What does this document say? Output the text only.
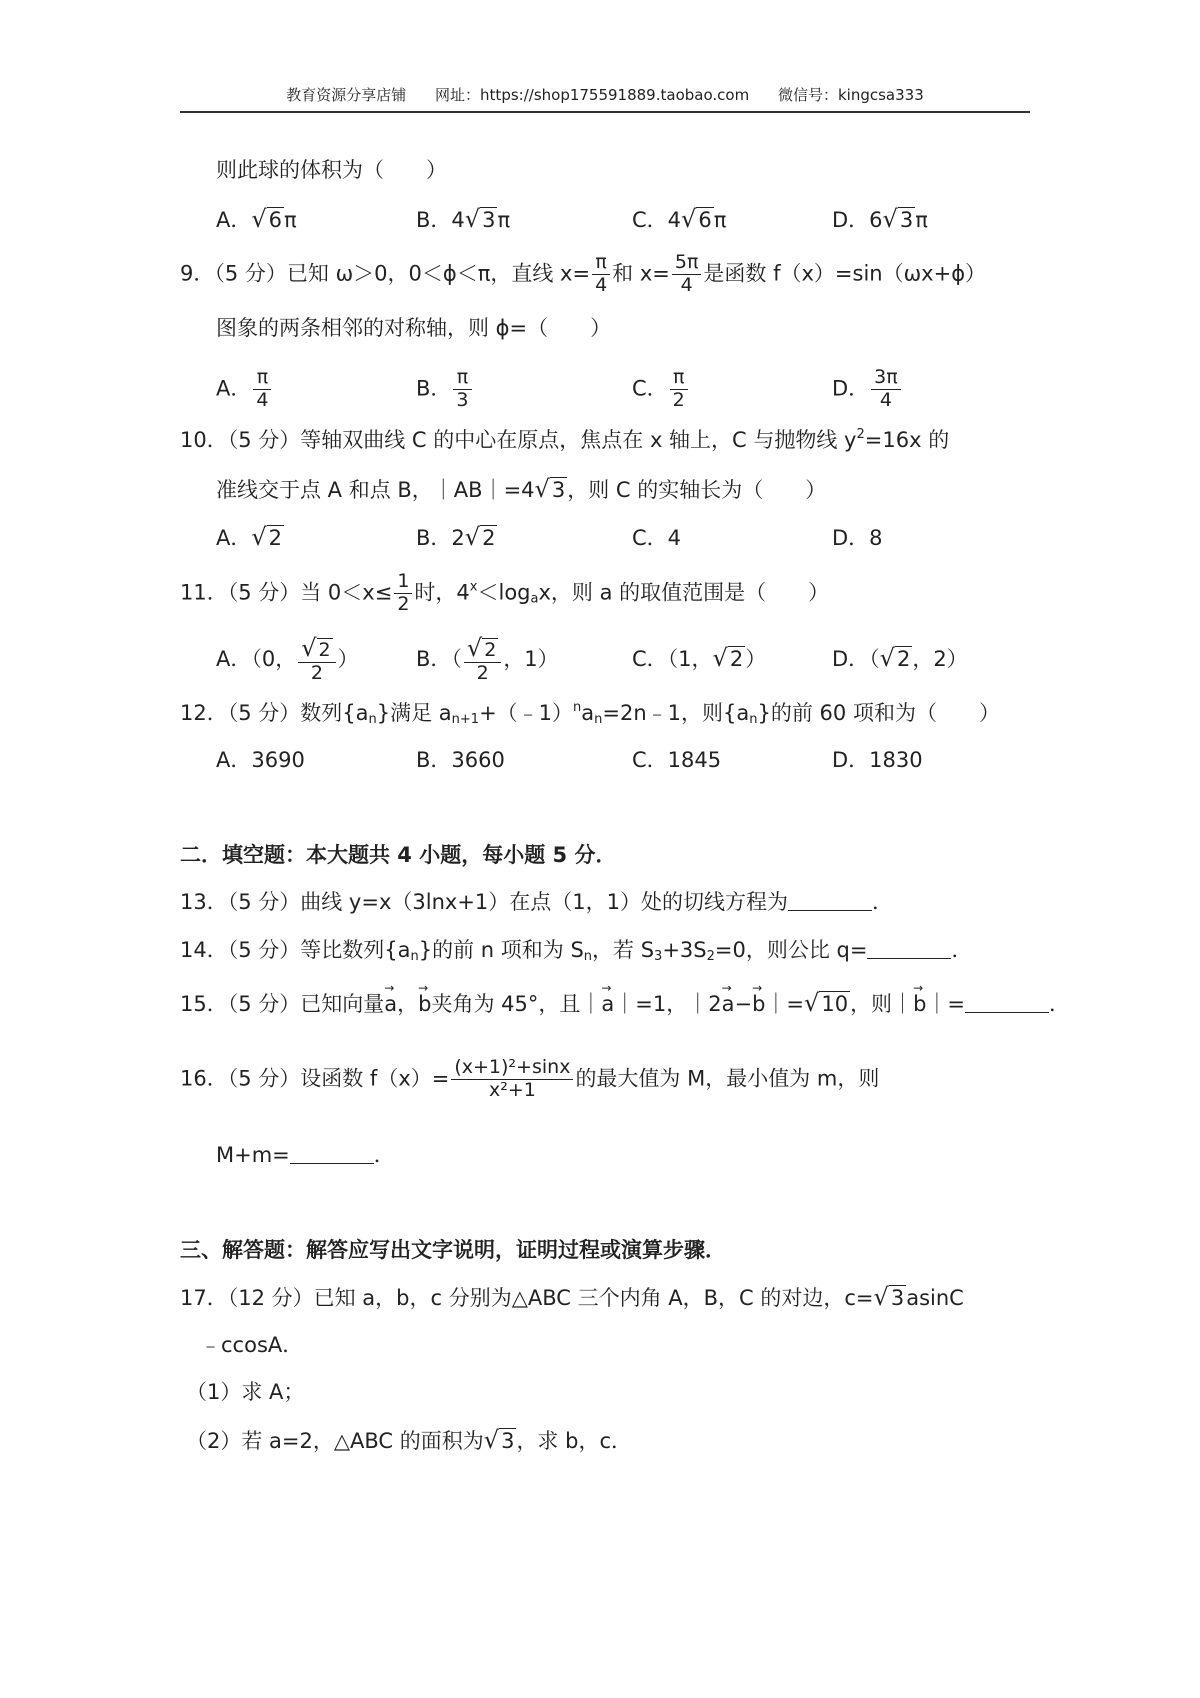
教育资源分享店铺 网址：https://shop175591889.taobao.com 微信号：kingcsa333
则此球的体积为（　　）
A．√6π	B．4√3π	C．4√6π	D．6√3π
9．（5 分）已知 ω＞0，0＜ϕ＜π，直线 $x= \frac{\pi}{4}$ 和 $x= \frac{5\pi}{4}$ 是函数 f（x）=sin（ωx+ϕ）
图象的两条相邻的对称轴，则 ϕ=（　　）
A． $\frac{\pi}{4}$	B． $\frac{\pi}{3}$	C． $\frac{\pi}{2}$	D． $\frac{3\pi}{4}$
10．（5 分）等轴双曲线 C 的中心在原点，焦点在 x 轴上，C 与抛物线 $y^2=16x$ 的
准线交于点 A 和点 B，｜AB｜=4√3，则 C 的实轴长为（　　）
A．√2	B．2√2	C．4	D．8
11．（5 分）当 $0<x\le \frac{1}{2}$ 时，$4^x<\log_ax$，则 a 的取值范围是（　　）
A．（0， $\frac{√ 2}{2}$ ）	B．（ $\frac{√ 2}{2}$ ，1）	C．（1，√2）	D．（√2，2）
12．（5 分）数列$\{a_n\}$满足 $a_{n+1}+(﹣1)^na_n=2n﹣1$，则$\{a_n\}$的前 60 项和为（　　）
A．3690	B．3660	C．1845	D．1830
二．填空题：本大题共 4 小题，每小题 5 分．
13．（5 分）曲线 y=x（3lnx+1）在点（1，1）处的切线方程为	．
14．（5 分）等比数列$\{a_n\}$的前 n 项和为 $S_n$，若 $S_3+3S_2=0$，则公比 q=	．
15．（5 分）已知向量→ a，→ b夹角为 45°，且｜→ a｜=1，｜2→ a−→ b｜=√10，则｜→ b｜=	．
16．（5 分）设函数 $f(x)= \frac{\text{(x+1)²+sinx}}{\text{x²+1}}$ 的最大值为 M，最小值为 m，则
M+m=	．
三、解答题：解答应写出文字说明，证明过程或演算步骤．
17．（12 分）已知 a，b，c 分别为△ABC 三个内角 A，B，C 的对边，c=√3asinC
﹣ccosA．
（1）求 A；
（2）若 a=2，△ABC 的面积为√3，求 b，c．
